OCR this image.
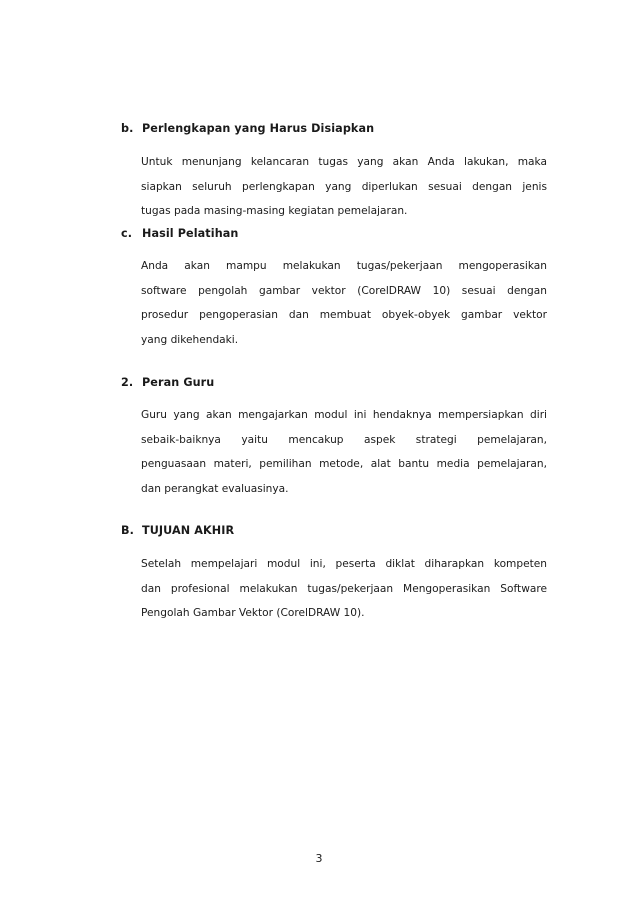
b. Perlengkapan yang Harus Disiapkan
Untuk menunjang kelancaran tugas yang akan Anda lakukan, maka
siapkan seluruh perlengkapan yang diperlukan sesuai dengan jenis
tugas pada masing-masing kegiatan pemelajaran.
c. Hasil Pelatihan
Anda akan mampu melakukan tugas/pekerjaan mengoperasikan
software pengolah gambar vektor (CorelDRAW 10) sesuai dengan
prosedur pengoperasian dan membuat obyek-obyek gambar vektor
yang dikehendaki.
2. Peran Guru
Guru yang akan mengajarkan modul ini hendaknya mempersiapkan diri
sebaik-baiknya yaitu mencakup aspek strategi pemelajaran,
penguasaan materi, pemilihan metode, alat bantu media pemelajaran,
dan perangkat evaluasinya.
B. TUJUAN AKHIR
Setelah mempelajari modul ini, peserta diklat diharapkan kompeten
dan profesional melakukan tugas/pekerjaan Mengoperasikan Software
Pengolah Gambar Vektor (CorelDRAW 10).
3
